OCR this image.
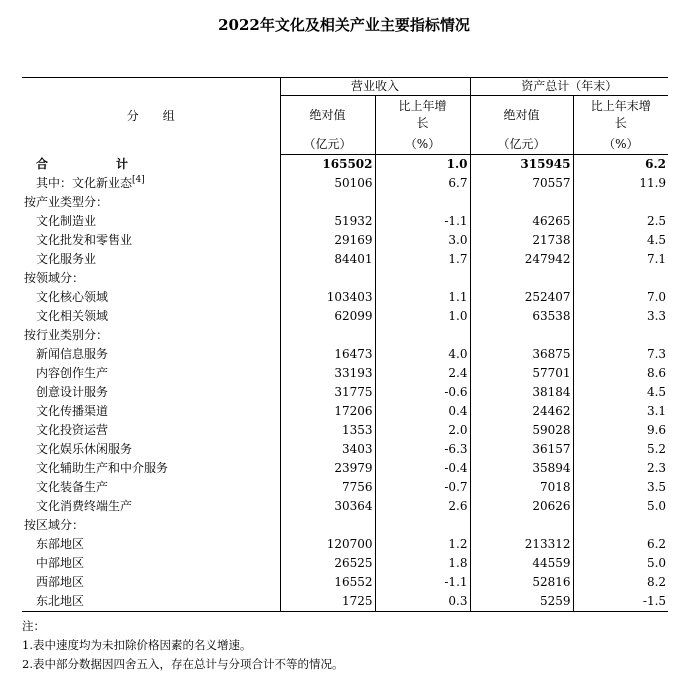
2022年文化及相关产业主要指标情况
分　　组	营业收入		资产总计（年末）	
	绝对值	比上年增长	绝对值	比上年末增长

	（亿元）	（%）	（亿元）	（%）
合　计	165502	1.0	315945	6.2
其中：文化新业态[4]	50106	6.7	70557	11.9
按产业类型分：				
文化制造业	51932	-1.1	46265	2.5
文化批发和零售业	29169	3.0	21738	4.5
文化服务业	84401	1.7	247942	7.1
按领域分：				
文化核心领域	103403	1.1	252407	7.0
文化相关领域	62099	1.0	63538	3.3
按行业类别分：				
新闻信息服务	16473	4.0	36875	7.3
内容创作生产	33193	2.4	57701	8.6
创意设计服务	31775	-0.6	38184	4.5
文化传播渠道	17206	0.4	24462	3.1
文化投资运营	1353	2.0	59028	9.6
文化娱乐休闲服务	3403	-6.3	36157	5.2
文化辅助生产和中介服务	23979	-0.4	35894	2.3
文化装备生产	7756	-0.7	7018	3.5
文化消费终端生产	30364	2.6	20626	5.0
按区域分：				
东部地区	120700	1.2	213312	6.2
中部地区	26525	1.8	44559	5.0
西部地区	16552	-1.1	52816	8.2
东北地区	1725	0.3	5259	-1.5
注：
1.表中速度均为未扣除价格因素的名义增速。
2.表中部分数据因四舍五入，存在总计与分项合计不等的情况。
